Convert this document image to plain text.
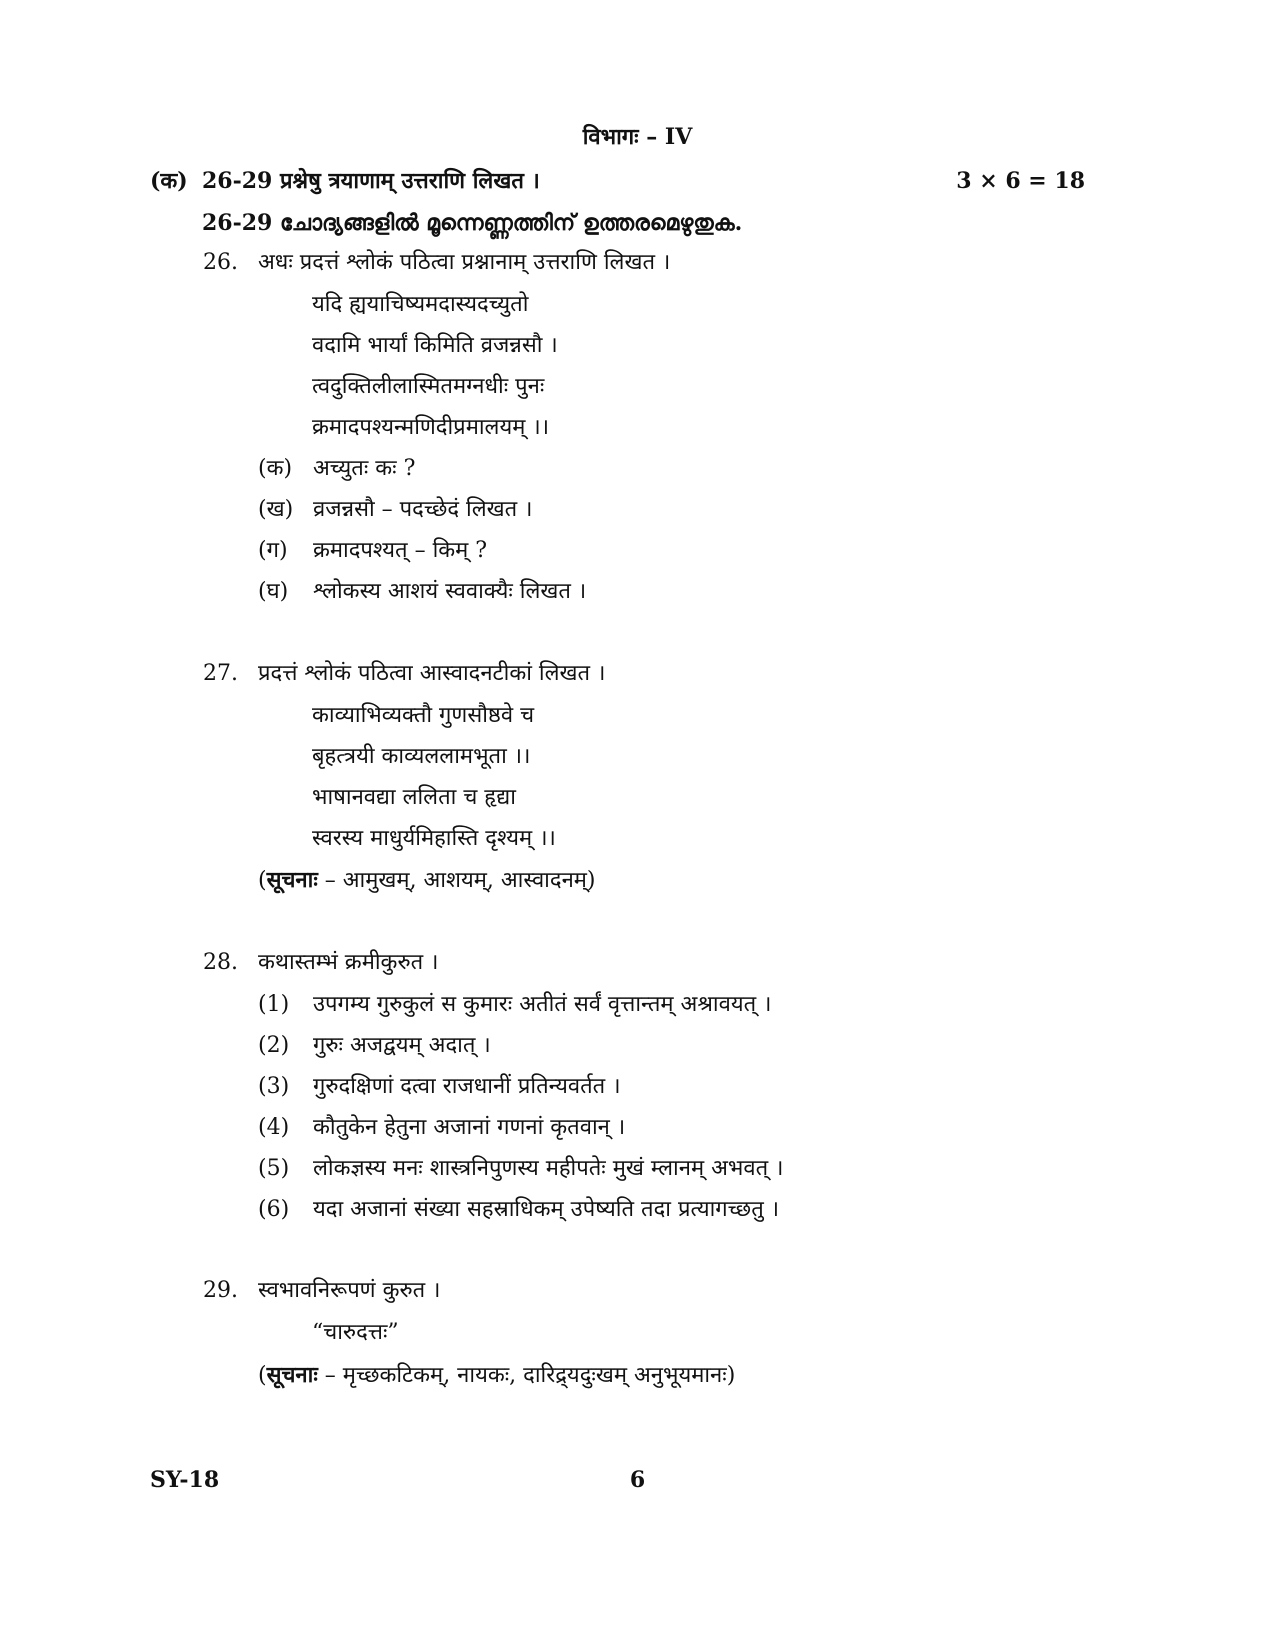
विभागः – IV
(क) 26-29 प्रश्नेषु त्रयाणाम् उत्तराणि लिखत ।	3 × 6 = 18
26-29 ചോദ്യങ്ങളിൽ മൂന്നെണ്ണത്തിന് ഉത്തരമെഴുതുക.
26. अधः प्रदत्तं श्लोकं पठित्वा प्रश्नानाम् उत्तराणि लिखत ।
यदि ह्ययाचिष्यमदास्यदच्युतो
वदामि भार्यां किमिति व्रजन्नसौ ।
त्वदुक्तिलीलास्मितमग्नधीः पुनः
क्रमादपश्यन्मणिदीप्रमालयम् ।।
(क) अच्युतः कः ?
(ख) व्रजन्नसौ – पदच्छेदं लिखत ।
(ग) क्रमादपश्यत् – किम् ?
(घ) श्लोकस्य आशयं स्ववाक्यैः लिखत ।
27. प्रदत्तं श्लोकं पठित्वा आस्वादनटीकां लिखत ।
काव्याभिव्यक्तौ गुणसौष्ठवे च
बृहत्त्रयी काव्यललामभूता ।।
भाषानवद्या ललिता च हृद्या
स्वरस्य माधुर्यमिहास्ति दृश्यम् ।।
(सूचनाः – आमुखम्, आशयम्, आस्वादनम्)
28. कथास्तम्भं क्रमीकुरुत ।
(1) उपगम्य गुरुकुलं स कुमारः अतीतं सर्वं वृत्तान्तम् अश्रावयत् ।
(2) गुरुः अजद्वयम् अदात् ।
(3) गुरुदक्षिणां दत्वा राजधानीं प्रतिन्यवर्तत ।
(4) कौतुकेन हेतुना अजानां गणनां कृतवान् ।
(5) लोकज्ञस्य मनः शास्त्रनिपुणस्य महीपतेः मुखं म्लानम् अभवत् ।
(6) यदा अजानां संख्या सहस्राधिकम् उपेष्यति तदा प्रत्यागच्छतु ।
29. स्वभावनिरूपणं कुरुत ।
“चारुदत्तः”
(सूचनाः – मृच्छकटिकम्, नायकः, दारिद्र्यदुःखम् अनुभूयमानः)
SY-18	6
